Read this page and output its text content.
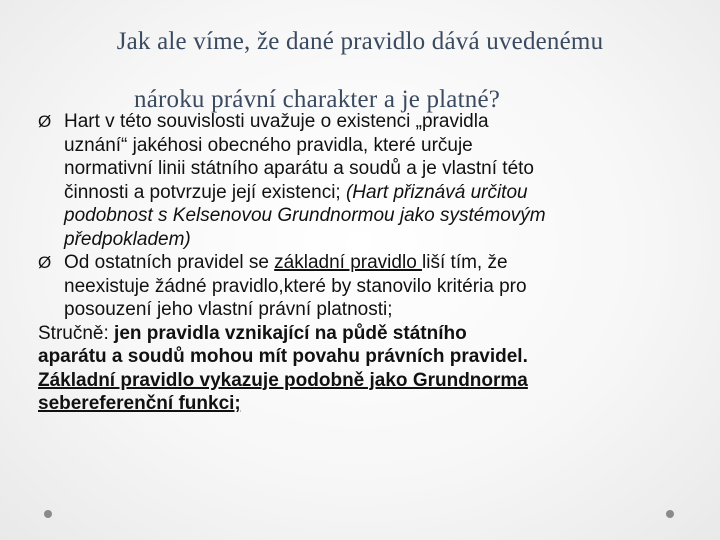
Jak ale víme, že dané pravidlo dává uvedenému
nároku právní charakter a je platné?
Ø Hart v této souvislosti uvažuje o existenci „pravidla
uznání“ jakéhosi obecného pravidla, které určuje
normativní linii státního aparátu a soudů a je vlastní této
činnosti a potvrzuje její existenci; (Hart přiznává určitou
podobnost s Kelsenovou Grundnormou jako systémovým
předpokladem)
Ø Od ostatních pravidel se základní pravidlo liší tím, že
neexistuje žádné pravidlo,které by stanovilo kritéria pro
posouzení jeho vlastní právní platnosti;
Stručně: jen pravidla vznikající na půdě státního
aparátu a soudů mohou mít povahu právních pravidel.
Základní pravidlo vykazuje podobně jako Grundnorma
sebereferenční funkci;
